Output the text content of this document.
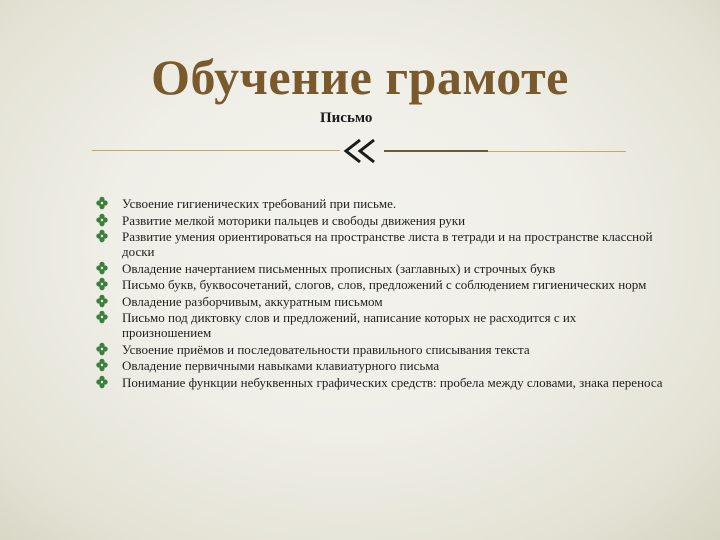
Обучение грамоте

Письмо

Усвоение гигиенических требований при письме.
Развитие мелкой моторики пальцев и свободы движения руки
Развитие умения ориентироваться на пространстве листа в тетради и на пространстве классной доски
Овладение начертанием письменных прописных (заглавных) и строчных букв
Письмо букв, буквосочетаний, слогов, слов, предложений с соблюдением гигиенических норм
Овладение разборчивым, аккуратным письмом
Письмо под диктовку слов и предложений, написание которых не расходится с их произношением
Усвоение приёмов и последовательности правильного списывания текста
Овладение первичными навыками клавиатурного письма
Понимание функции небуквенных графических средств: пробела между словами, знака переноса
